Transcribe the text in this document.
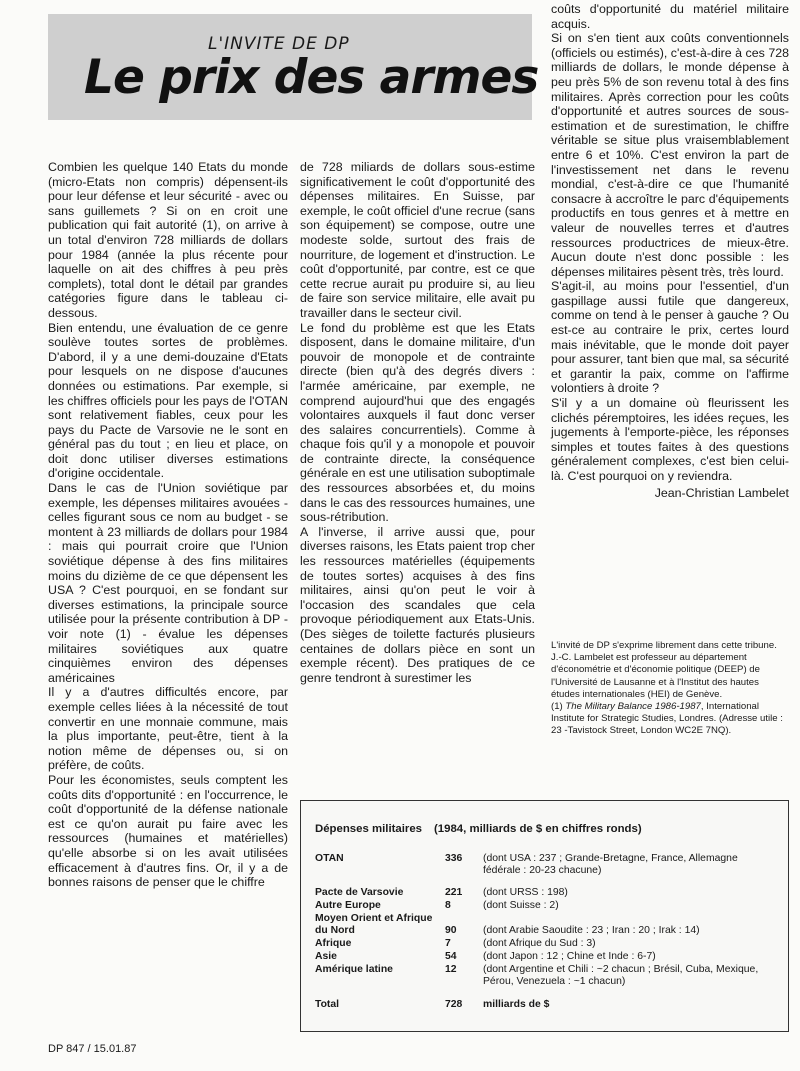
L'INVITE DE DP
Le prix des armes

Combien les quelque 140 Etats du monde (micro-Etats non compris) dépensent-ils pour leur défense et leur sécurité - avec ou sans guillemets ? Si on en croit une publication qui fait autorité (1), on arrive à un total d'environ 728 milliards de dollars pour 1984 (année la plus récente pour laquelle on ait des chiffres à peu près complets), total dont le détail par grandes catégories figure dans le tableau ci-dessous.

Bien entendu, une évaluation de ce genre soulève toutes sortes de problèmes. D'abord, il y a une demi-douzaine d'Etats pour lesquels on ne dispose d'aucunes données ou estimations. Par exemple, si les chiffres officiels pour les pays de l'OTAN sont relativement fiables, ceux pour les pays du Pacte de Varsovie ne le sont en général pas du tout ; en lieu et place, on doit donc utiliser diverses estimations d'origine occidentale.

Dans le cas de l'Union soviétique par exemple, les dépenses militaires avouées - celles figurant sous ce nom au budget - se montent à 23 milliards de dollars pour 1984 : mais qui pourrait croire que l'Union soviétique dépense à des fins militaires moins du dizième de ce que dépensent les USA ? C'est pourquoi, en se fondant sur diverses estimations, la principale source utilisée pour la présente contribution à DP - voir note (1) - évalue les dépenses militaires soviétiques aux quatre cinquièmes environ des dépenses américaines

Il y a d'autres difficultés encore, par exemple celles liées à la nécessité de tout convertir en une monnaie commune, mais la plus importante, peut-être, tient à la notion même de dépenses ou, si on préfère, de coûts.

Pour les économistes, seuls comptent les coûts dits d'opportunité : en l'occurrence, le coût d'opportunité de la défense nationale est ce qu'on aurait pu faire avec les ressources (humaines et matérielles) qu'elle absorbe si on les avait utilisées efficacement à d'autres fins. Or, il y a de bonnes raisons de penser que le chiffre

de 728 miliards de dollars sous-estime significativement le coût d'opportunité des dépenses militaires. En Suisse, par exemple, le coût officiel d'une recrue (sans son équipement) se compose, outre une modeste solde, surtout des frais de nourriture, de logement et d'instruction. Le coût d'opportunité, par contre, est ce que cette recrue aurait pu produire si, au lieu de faire son service militaire, elle avait pu travailler dans le secteur civil.

Le fond du problème est que les Etats disposent, dans le domaine militaire, d'un pouvoir de monopole et de contrainte directe (bien qu'à des degrés divers : l'armée américaine, par exemple, ne comprend aujourd'hui que des engagés volontaires auxquels il faut donc verser des salaires concurrentiels). Comme à chaque fois qu'il y a monopole et pouvoir de contrainte directe, la conséquence générale en est une utilisation suboptimale des ressources absorbées et, du moins dans le cas des ressources humaines, une sous-rétribution.

A l'inverse, il arrive aussi que, pour diverses raisons, les Etats paient trop cher les ressources matérielles (équipements de toutes sortes) acquises à des fins militaires, ainsi qu'on peut le voir à l'occasion des scandales que cela provoque périodiquement aux Etats-Unis. (Des sièges de toilette facturés plusieurs centaines de dollars pièce en sont un exemple récent). Des pratiques de ce genre tendront à surestimer les

coûts d'opportunité du matériel militaire acquis.

Si on s'en tient aux coûts conventionnels (officiels ou estimés), c'est-à-dire à ces 728 milliards de dollars, le monde dépense à peu près 5% de son revenu total à des fins militaires. Après correction pour les coûts d'opportunité et autres sources de sous-estimation et de surestimation, le chiffre véritable se situe plus vraisemblablement entre 6 et 10%. C'est environ la part de l'investissement net dans le revenu mondial, c'est-à-dire ce que l'humanité consacre à accroître le parc d'équipements productifs en tous genres et à mettre en valeur de nouvelles terres et d'autres ressources productrices de mieux-être. Aucun doute n'est donc possible : les dépenses militaires pèsent très, très lourd.

S'agit-il, au moins pour l'essentiel, d'un gaspillage aussi futile que dangereux, comme on tend à le penser à gauche ? Ou est-ce au contraire le prix, certes lourd mais inévitable, que le monde doit payer pour assurer, tant bien que mal, sa sécurité et garantir la paix, comme on l'affirme volontiers à droite ?

S'il y a un domaine où fleurissent les clichés péremptoires, les idées reçues, les jugements à l'emporte-pièce, les réponses simples et toutes faites à des questions généralement complexes, c'est bien celui-là. C'est pourquoi on y reviendra.

Jean-Christian Lambelet

L'invité de DP s'exprime librement dans cette tribune. J.-C. Lambelet est professeur au département d'économétrie et d'économie politique (DEEP) de l'Université de Lausanne et à l'Institut des hautes études internationales (HEI) de Genève.

(1) The Military Balance 1986-1987, International Institute for Strategic Studies, Londres. (Adresse utile : 23 -Tavistock Street, London WC2E 7NQ).

Dépenses militaires (1984, milliards de $ en chiffres ronds)
OTAN	336	(dont USA : 237 ; Grande-Bretagne, France, Allemagne fédérale : 20-23 chacune)
Pacte de Varsovie	221	(dont URSS : 198)
Autre Europe	8	(dont Suisse : 2)
Moyen Orient et Afrique du Nord	90	(dont Arabie Saoudite : 23 ; Iran : 20 ; Irak : 14)
Afrique	7	(dont Afrique du Sud : 3)
Asie	54	(dont Japon : 12 ; Chine et Inde : 6-7)
Amérique latine	12	(dont Argentine et Chili : ~2 chacun ; Brésil, Cuba, Mexique, Pérou, Venezuela : ~1 chacun)
Total	728	milliards de $
DP 847 / 15.01.87
